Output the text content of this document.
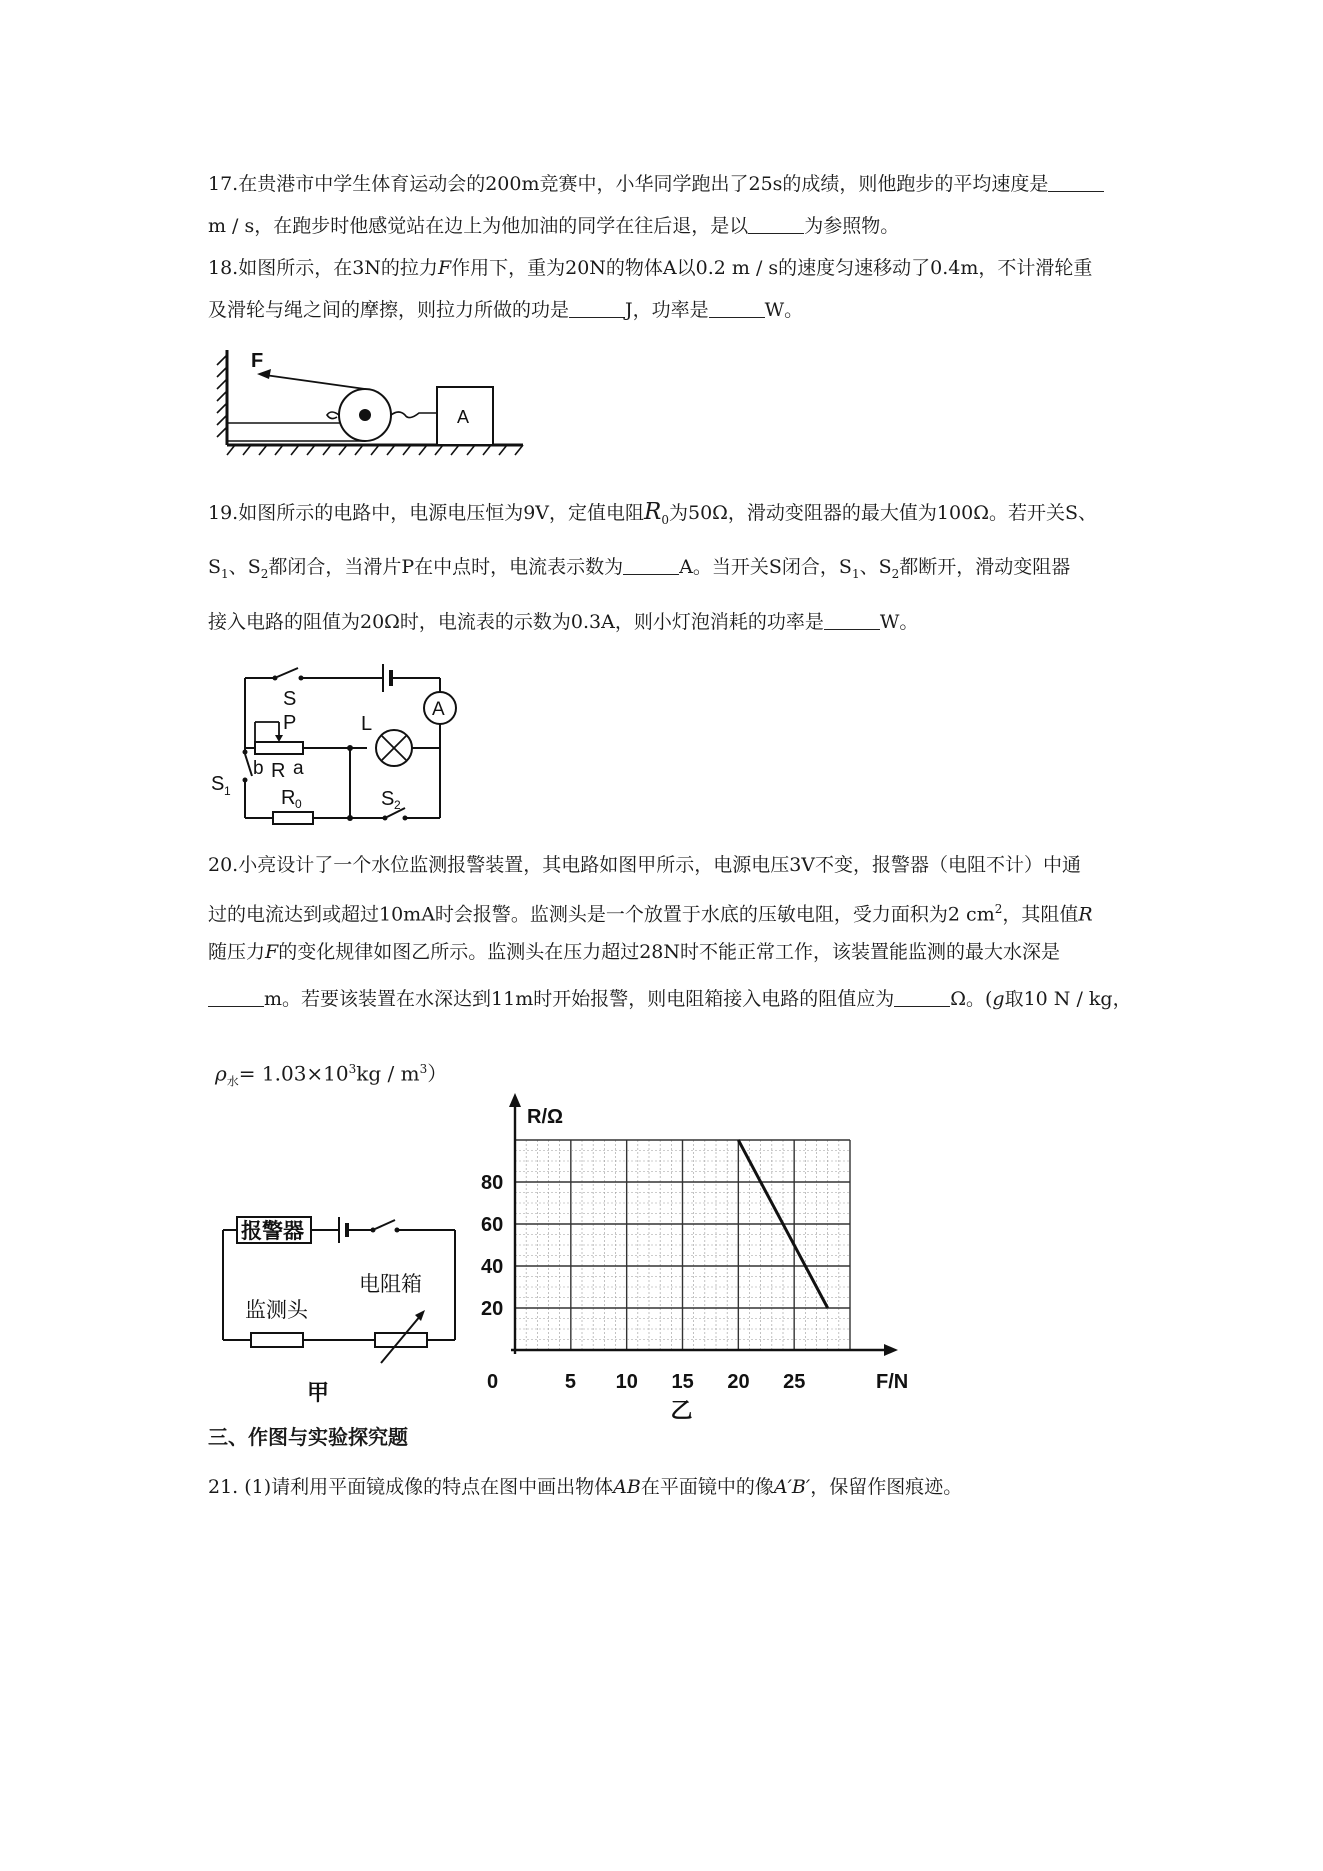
17.在贵港市中学生体育运动会的200m竞赛中，小华同学跑出了25s的成绩，则他跑步的平均速度是
m / s，在跑步时他感觉站在边上为他加油的同学在往后退，是以	为参照物。
18.如图所示，在3N的拉力F作用下，重为20N的物体A以0.2 m / s的速度匀速移动了0.4m，不计滑轮重
及滑轮与绳之间的摩擦，则拉力所做的功是	J，功率是	W。
F
A
19.如图所示的电路中，电源电压恒为9V，定值电阻$R_0$为50Ω，滑动变阻器的最大值为100Ω。若开关S、
$S_1$、$S_2$都闭合，当滑片P在中点时，电流表示数为	A。当开关S闭合，$S_1$、$S_2$都断开，滑动变阻器
接入电路的阻值为20Ω时，电流表的示数为0.3A，则小灯泡消耗的功率是	W。
A
S
L
P
b R a
S 1	R 0	S 2
20.小亮设计了一个水位监测报警装置，其电路如图甲所示，电源电压3V不变，报警器（电阻不计）中通
过的电流达到或超过10mA时会报警。监测头是一个放置于水底的压敏电阻，受力面积为2 $cm^2$，其阻值R
随压力F的变化规律如图乙所示。监测头在压力超过28N时不能正常工作，该装置能监测的最大水深是
m。若要该装置在水深达到11m时开始报警，则电阻箱接入电路的阻值应为	Ω。(g取10 N / kg，
$\rho_水= 1.03\times 10^3kg / m^3$）
报警器
监测头
电阻箱
甲
R/Ω
F/N
0	5 10 15 20 25
20
40
60
80
乙
三、作图与实验探究题
21. (1)请利用平面镜成像的特点在图中画出物体AB在平面镜中的像A′B′，保留作图痕迹。
